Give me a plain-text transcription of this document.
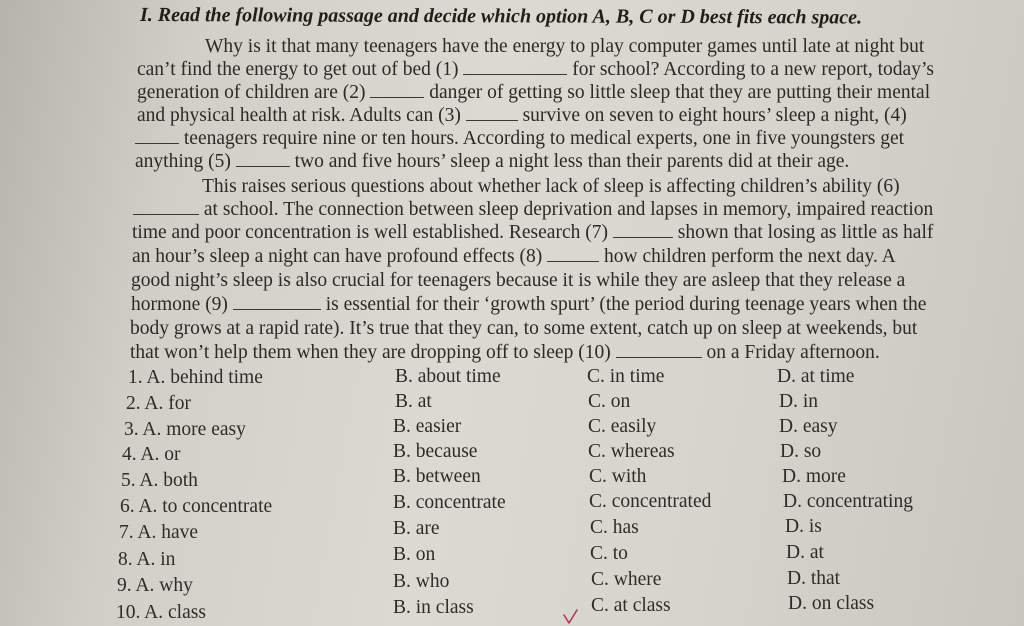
I. Read the following passage and decide which option A, B, C or D best fits each space.
Why is it that many teenagers have the energy to play computer games until late at night but
can’t find the energy to get out of bed (1)	for school? According to a new report, today’s
generation of children are (2)	danger of getting so little sleep that they are putting their mental
and physical health at risk. Adults can (3)	survive on seven to eight hours’ sleep a night, (4)
teenagers require nine or ten hours. According to medical experts, one in five youngsters get
anything (5)	two and five hours’ sleep a night less than their parents did at their age.
This raises serious questions about whether lack of sleep is affecting children’s ability (6)
at school. The connection between sleep deprivation and lapses in memory, impaired reaction
time and poor concentration is well established. Research (7)	shown that losing as little as half
an hour’s sleep a night can have profound effects (8)	how children perform the next day. A
good night’s sleep is also crucial for teenagers because it is while they are asleep that they release a
hormone (9)	is essential for their ‘growth spurt’ (the period during teenage years when the
body grows at a rapid rate). It’s true that they can, to some extent, catch up on sleep at weekends, but
that won’t help them when they are dropping off to sleep (10)	on a Friday afternoon.
1. A. behind time	B. about time	C. in time	D. at time
2. A. for	B. at	C. on	D. in
3. A. more easy	B. easier	C. easily	D. easy
4. A. or	B. because	C. whereas	D. so
5. A. both	B. between	C. with	D. more
6. A. to concentrate	B. concentrate	C. concentrated	D. concentrating
7. A. have	B. are	C. has	D. is
8. A. in	B. on	C. to	D. at
9. A. why	B. who	C. where	D. that
10. A. class	B. in class	C. at class	D. on class
